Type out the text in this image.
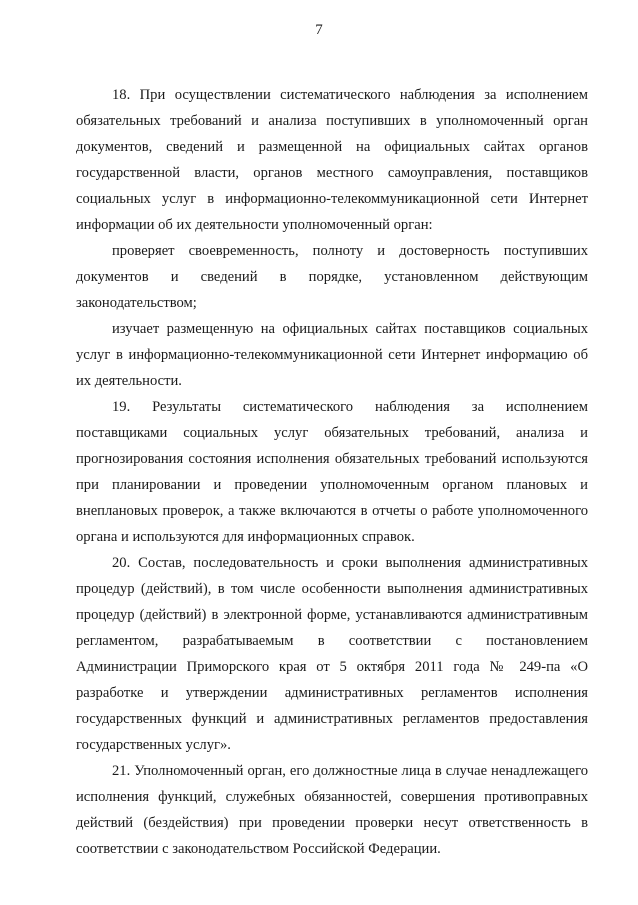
7

18. При осуществлении систематического наблюдения за исполнением обязательных требований и анализа поступивших в уполномоченный орган документов, сведений и размещенной на официальных сайтах органов государственной власти, органов местного самоуправления, поставщиков социальных услуг в информационно-телекоммуникационной сети Интернет информации об их деятельности уполномоченный орган:

проверяет своевременность, полноту и достоверность поступивших документов и сведений в порядке, установленном действующим законодательством;

изучает размещенную на официальных сайтах поставщиков социальных услуг в информационно-телекоммуникационной сети Интернет информацию об их деятельности.

19. Результаты систематического наблюдения за исполнением поставщиками социальных услуг обязательных требований, анализа и прогнозирования состояния исполнения обязательных требований используются при планировании и проведении уполномоченным органом плановых и внеплановых проверок, а также включаются в отчеты о работе уполномоченного органа и используются для информационных справок.

20. Состав, последовательность и сроки выполнения административных процедур (действий), в том числе особенности выполнения административных процедур (действий) в электронной форме, устанавливаются административным регламентом, разрабатываемым в соответствии с постановлением Администрации Приморского края от 5 октября 2011 года № 249-па «О разработке и утверждении административных регламентов исполнения государственных функций и административных регламентов предоставления государственных услуг».

21. Уполномоченный орган, его должностные лица в случае ненадлежащего исполнения функций, служебных обязанностей, совершения противоправных действий (бездействия) при проведении проверки несут ответственность в соответствии с законодательством Российской Федерации.
